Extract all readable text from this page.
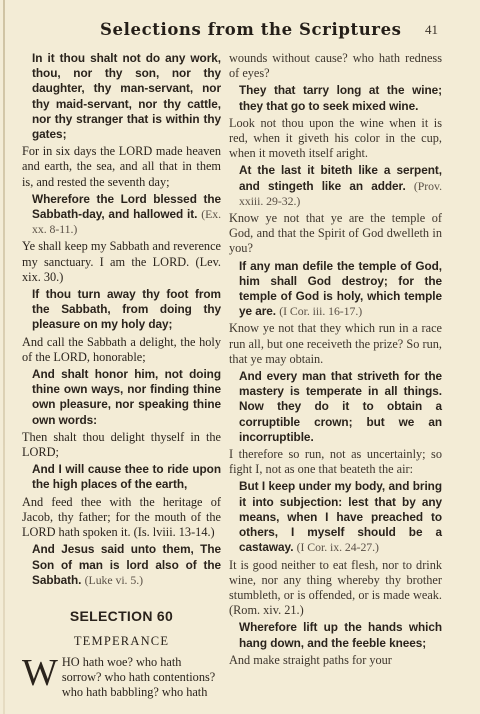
Selections from the Scriptures 41
In it thou shalt not do any work, thou, nor thy son, nor thy daughter, thy man-servant, nor thy maid-servant, nor thy cattle, nor thy stranger that is within thy gates;
For in six days the LORD made heaven and earth, the sea, and all that in them is, and rested the seventh day;
Wherefore the Lord blessed the Sabbath-day, and hallowed it. (Ex. xx. 8-11.)
Ye shall keep my Sabbath and reverence my sanctuary. I am the LORD. (Lev. xix. 30.)
If thou turn away thy foot from the Sabbath, from doing thy pleasure on my holy day;
And call the Sabbath a delight, the holy of the LORD, honorable;
And shalt honor him, not doing thine own ways, nor finding thine own pleasure, nor speaking thine own words:
Then shalt thou delight thyself in the LORD;
And I will cause thee to ride upon the high places of the earth,
And feed thee with the heritage of Jacob, thy father; for the mouth of the LORD hath spoken it. (Is. lviii. 13-14.)
And Jesus said unto them, The Son of man is lord also of the Sabbath. (Luke vi. 5.)
SELECTION 60
TEMPERANCE
WHO hath woe? who hath sorrow? who hath contentions? who hath babbling? who hath
wounds without cause? who hath redness of eyes?
They that tarry long at the wine; they that go to seek mixed wine.
Look not thou upon the wine when it is red, when it giveth his color in the cup, when it moveth itself aright.
At the last it biteth like a serpent, and stingeth like an adder. (Prov. xxiii. 29-32.)
Know ye not that ye are the temple of God, and that the Spirit of God dwelleth in you?
If any man defile the temple of God, him shall God destroy; for the temple of God is holy, which temple ye are. (I Cor. iii. 16-17.)
Know ye not that they which run in a race run all, but one receiveth the prize? So run, that ye may obtain.
And every man that striveth for the mastery is temperate in all things. Now they do it to obtain a corruptible crown; but we an incorruptible.
I therefore so run, not as uncertainly; so fight I, not as one that beateth the air:
But I keep under my body, and bring it into subjection: lest that by any means, when I have preached to others, I myself should be a castaway. (I Cor. ix. 24-27.)
It is good neither to eat flesh, nor to drink wine, nor any thing whereby thy brother stumbleth, or is offended, or is made weak. (Rom. xiv. 21.)
Wherefore lift up the hands which hang down, and the feeble knees;
And make straight paths for your
